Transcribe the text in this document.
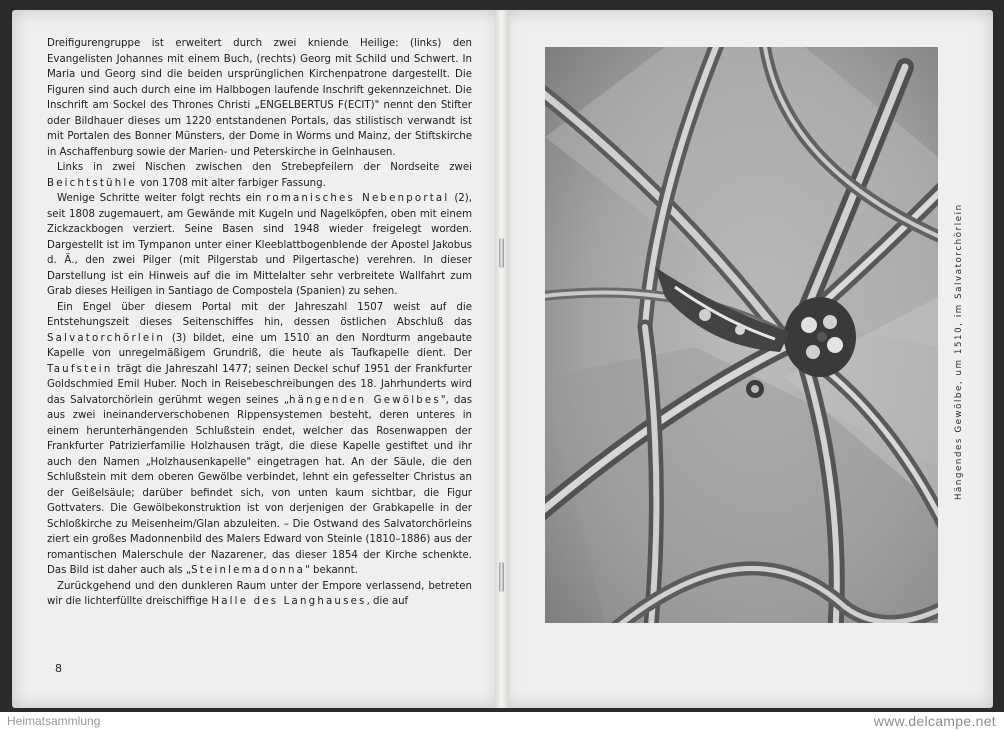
Dreifigurengruppe ist erweitert durch zwei kniende Heilige: (links) den Evangelisten Johannes mit einem Buch, (rechts) Georg mit Schild und Schwert. In Maria und Georg sind die beiden ursprünglichen Kirchenpatrone dargestellt. Die Figuren sind auch durch eine im Halbbogen laufende Inschrift gekennzeichnet. Die Inschrift am Sockel des Thrones Christi „ENGELBERTUS F(ECIT)" nennt den Stifter oder Bildhauer dieses um 1220 entstandenen Portals, das stilistisch verwandt ist mit Portalen des Bonner Münsters, der Dome in Worms und Mainz, der Stiftskirche in Aschaffenburg sowie der Marien- und Peterskirche in Gelnhausen.

Links in zwei Nischen zwischen den Strebepfeilern der Nordseite zwei Beichtstühle von 1708 mit alter farbiger Fassung.

Wenige Schritte weiter folgt rechts ein romanisches Nebenportal (2), seit 1808 zugemauert, am Gewände mit Kugeln und Nagelköpfen, oben mit einem Zickzackbogen verziert. Seine Basen sind 1948 wieder freigelegt worden. Dargestellt ist im Tympanon unter einer Kleeblattbogenblende der Apostel Jakobus d. Ä., den zwei Pilger (mit Pilgerstab und Pilgertasche) verehren. In dieser Darstellung ist ein Hinweis auf die im Mittelalter sehr verbreitete Wallfahrt zum Grab dieses Heiligen in Santiago de Compostela (Spanien) zu sehen.

Ein Engel über diesem Portal mit der Jahreszahl 1507 weist auf die Entstehungszeit dieses Seitenschiffes hin, dessen östlichen Abschluß das Salvatorchörlein (3) bildet, eine um 1510 an den Nordturm angebaute Kapelle von unregelmäßigem Grundriß, die heute als Taufkapelle dient. Der Taufstein trägt die Jahreszahl 1477; seinen Deckel schuf 1951 der Frankfurter Goldschmied Emil Huber. Noch in Reisebeschreibungen des 18. Jahrhunderts wird das Salvatorchörlein gerühmt wegen seines „hängenden Gewölbes", das aus zwei ineinanderverschobenen Rippensystemen besteht, deren unteres in einem herunterhängenden Schlußstein endet, welcher das Rosenwappen der Frankfurter Patrizierfamilie Holzhausen trägt, die diese Kapelle gestiftet und ihr auch den Namen „Holzhausenkapelle" eingetragen hat. An der Säule, die den Schlußstein mit dem oberen Gewölbe verbindet, lehnt ein gefesselter Christus an der Geißelsäule; darüber befindet sich, von unten kaum sichtbar, die Figur Gottvaters. Die Gewölbekonstruktion ist von derjenigen der Grabkapelle in der Schloßkirche zu Meisenheim/Glan abzuleiten. – Die Ostwand des Salvatorchörleins ziert ein großes Madonnenbild des Malers Edward von Steinle (1810–1886) aus der romantischen Malerschule der Nazarener, das dieser 1854 der Kirche schenkte. Das Bild ist daher auch als „Steinlemadonna" bekannt.

Zurückgehend und den dunkleren Raum unter der Empore verlassend, betreten wir die lichterfüllte dreischiffige Halle des Langhauses, die auf

8
Hängendes Gewölbe, um 1510, im Salvatorchörlein
Heimatsammlung	www.delcampe.net
